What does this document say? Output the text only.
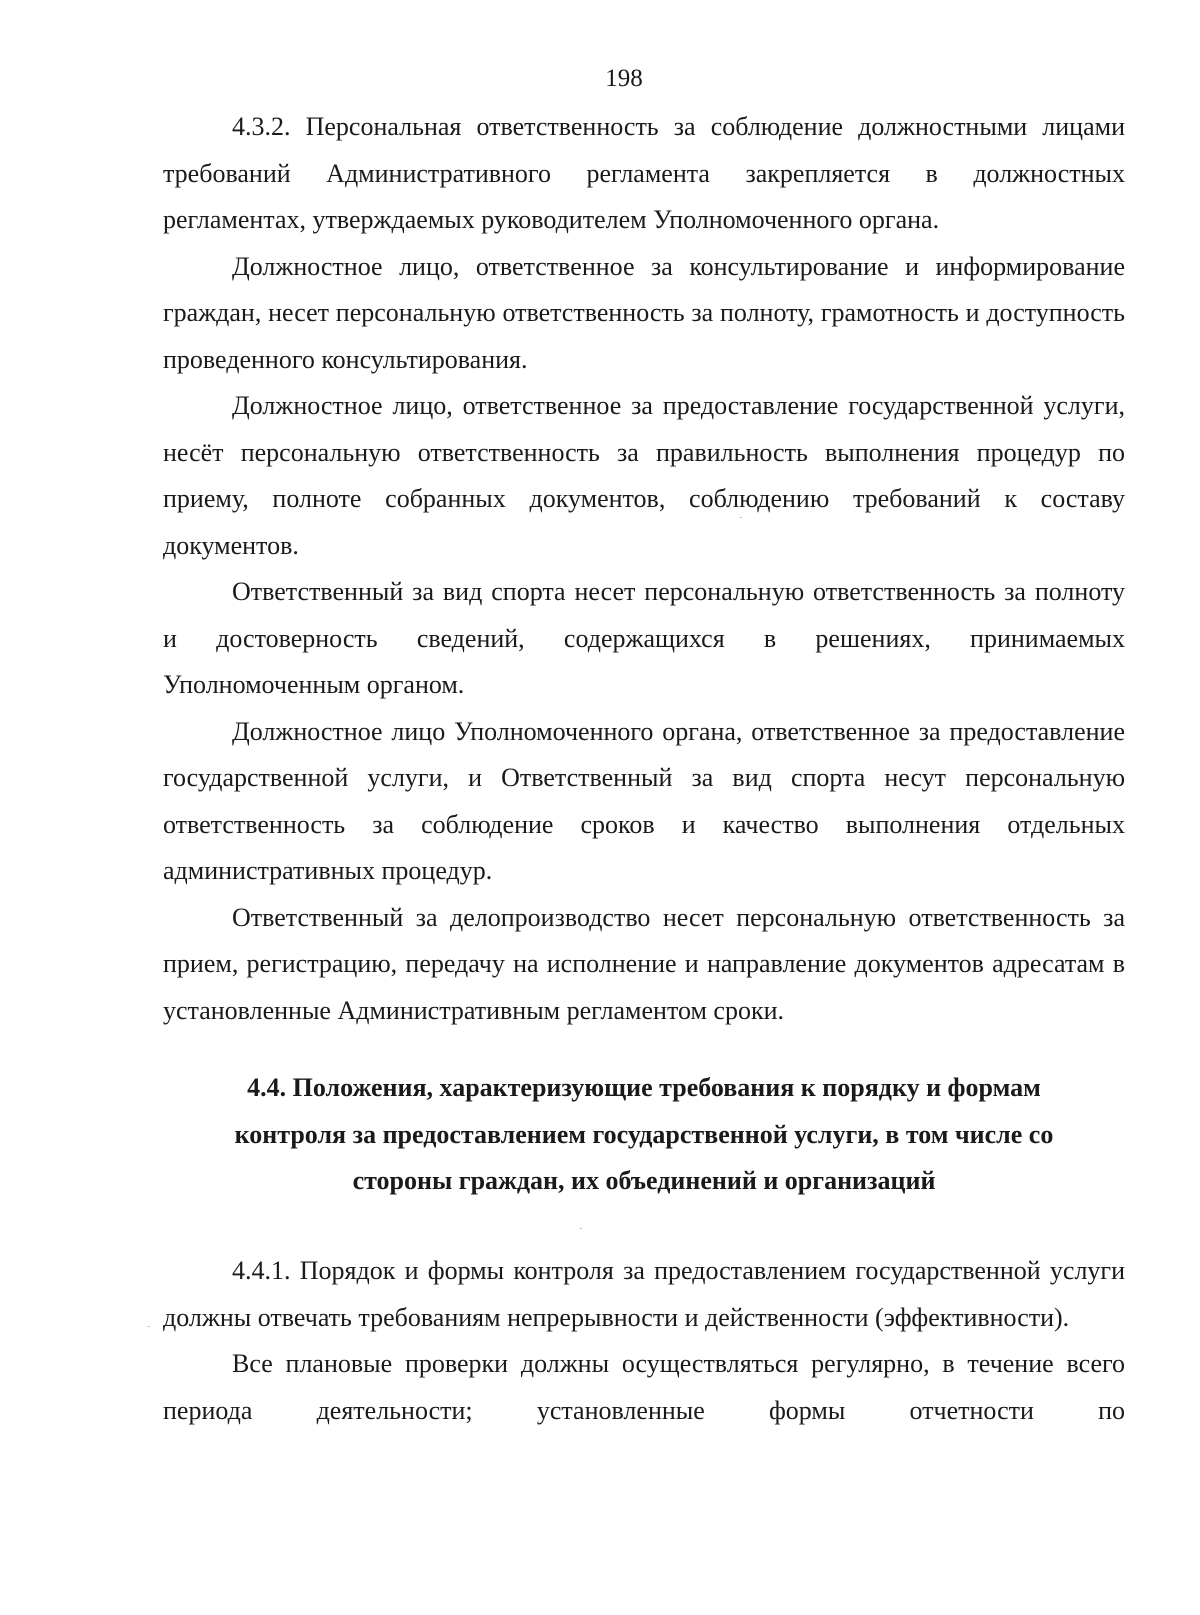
198

4.3.2. Персональная ответственность за соблюдение должностными лицами требований Административного регламента закрепляется в должностных регламентах, утверждаемых руководителем Уполномоченного органа.

Должностное лицо, ответственное за консультирование и информирование граждан, несет персональную ответственность за полноту, грамотность и доступность проведенного консультирования.

Должностное лицо, ответственное за предоставление государственной услуги, несёт персональную ответственность за правильность выполнения процедур по приему, полноте собранных документов, соблюдению требований к составу документов.

Ответственный за вид спорта несет персональную ответственность за полноту и достоверность сведений, содержащихся в решениях, принимаемых Уполномоченным органом.

Должностное лицо Уполномоченного органа, ответственное за предоставление государственной услуги, и Ответственный за вид спорта несут персональную ответственность за соблюдение сроков и качество выполнения отдельных административных процедур.

Ответственный за делопроизводство несет персональную ответственность за прием, регистрацию, передачу на исполнение и направление документов адресатам в установленные Административным регламентом сроки.

4.4. Положения, характеризующие требования к порядку и формам
контроля за предоставлением государственной услуги, в том числе со
стороны граждан, их объединений и организаций

4.4.1. Порядок и формы контроля за предоставлением государственной услуги должны отвечать требованиям непрерывности и действенности (эффективности).

Все плановые проверки должны осуществляться регулярно, в течение всего периода деятельности; установленные формы отчетности по
